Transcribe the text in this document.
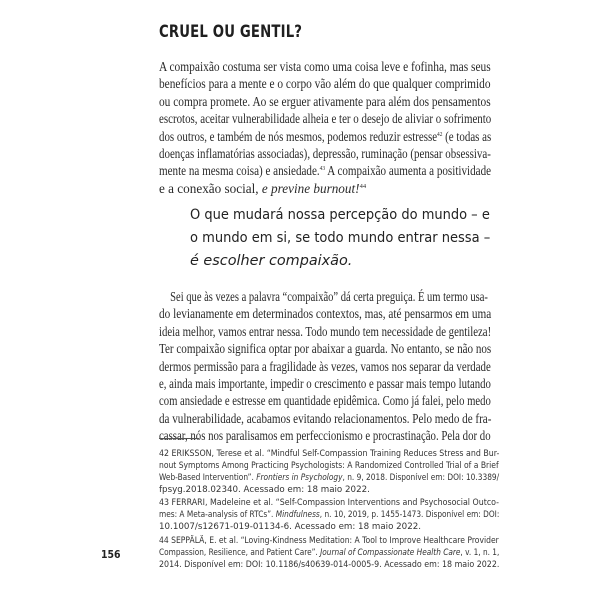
CRUEL OU GENTIL?
A compaixão costuma ser vista como uma coisa leve e fofinha, mas seus
benefícios para a mente e o corpo vão além do que qualquer comprimido
ou compra promete. Ao se erguer ativamente para além dos pensamentos
escrotos, aceitar vulnerabilidade alheia e ter o desejo de aliviar o sofrimento
dos outros, e também de nós mesmos, podemos reduzir estresse$^{42}$ (e todas as
doenças inflamatórias associadas), depressão, ruminação (pensar obsessiva-
mente na mesma coisa) e ansiedade.$^{43}$ A compaixão aumenta a positividade
e a conexão social, e previne burnout!$^{44}$
O que mudará nossa percepção do mundo – e
o mundo em si, se todo mundo entrar nessa –
é escolher compaixão.
Sei que às vezes a palavra “compaixão” dá certa preguiça. É um termo usa-
do levianamente em determinados contextos, mas, até pensarmos em uma
ideia melhor, vamos entrar nessa. Todo mundo tem necessidade de gentileza!
Ter compaixão significa optar por abaixar a guarda. No entanto, se não nos
dermos permissão para a fragilidade às vezes, vamos nos separar da verdade
e, ainda mais importante, impedir o crescimento e passar mais tempo lutando
com ansiedade e estresse em quantidade epidêmica. Como já falei, pelo medo
da vulnerabilidade, acabamos evitando relacionamentos. Pelo medo de fra-
cassar, nós nos paralisamos em perfeccionismo e procrastinação. Pela dor do
42 ERIKSSON, Terese et al. “Mindful Self-Compassion Training Reduces Stress and Bur-
nout Symptoms Among Practicing Psychologists: A Randomized Controlled Trial of a Brief
Web-Based Intervention”. Frontiers in Psychology, n. 9, 2018. Disponível em: DOI: 10.3389/
fpsyg.2018.02340. Acessado em: 18 maio 2022.
43 FERRARI, Madeleine et al. “Self-Compassion Interventions and Psychosocial Outco-
mes: A Meta-analysis of RTCs”. Mindfulness, n. 10, 2019, p. 1455-1473. Disponível em: DOI:
10.1007/s12671-019-01134-6. Acessado em: 18 maio 2022.
44 SEPPÄLÄ, E. et al. “Loving-Kindness Meditation: A Tool to Improve Healthcare Provider
Compassion, Resilience, and Patient Care”. Journal of Compassionate Health Care, v. 1, n. 1,
2014. Disponível em: DOI: 10.1186/s40639-014-0005-9. Acessado em: 18 maio 2022.
156
